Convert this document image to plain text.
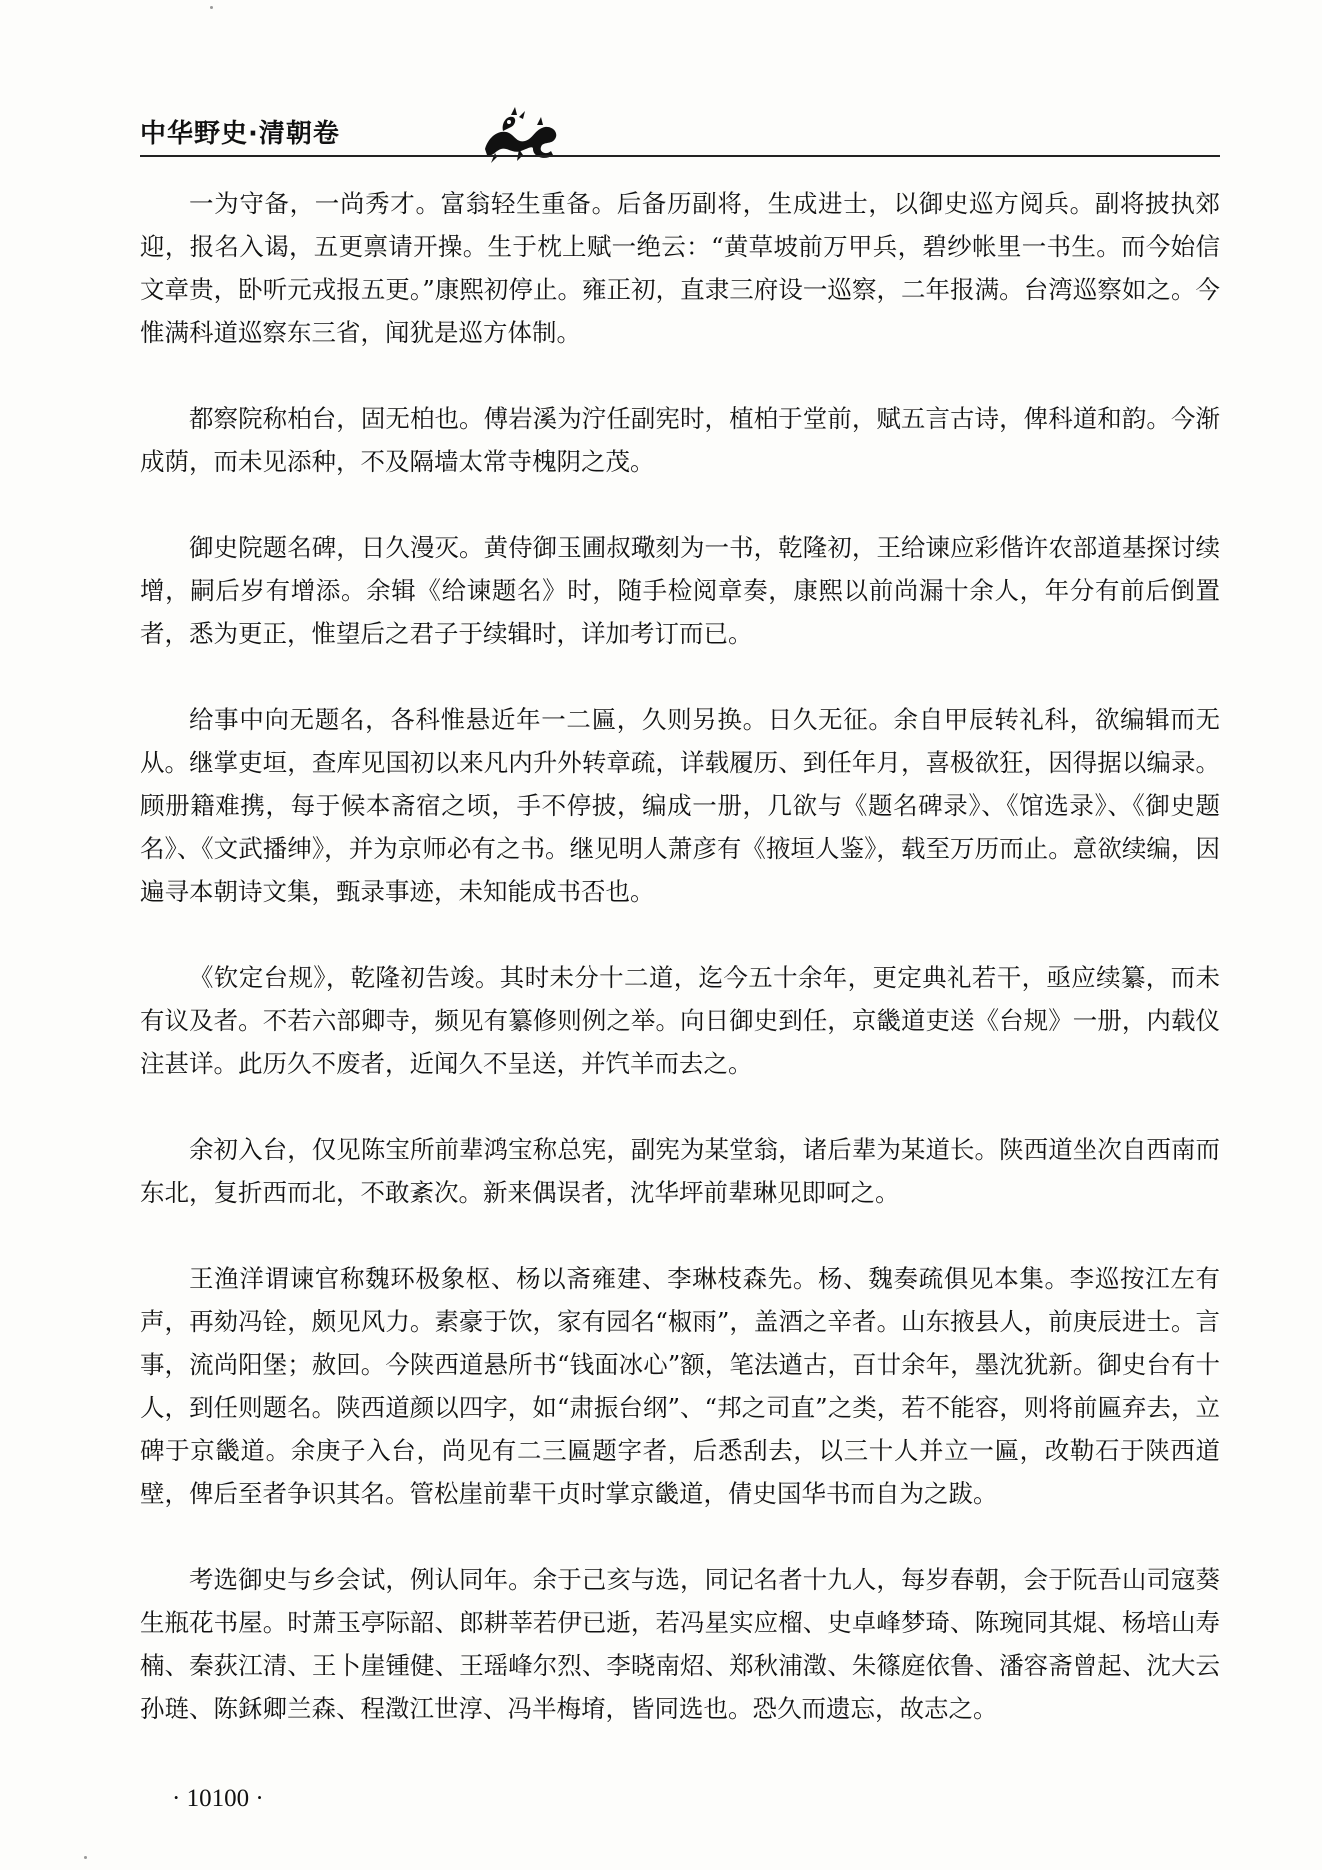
中华野史·清朝卷

一为守备，一尚秀才。富翁轻生重备。后备历副将，生成进士，以御史巡方阅兵。副将披执郊迎，报名入谒，五更禀请开操。生于枕上赋一绝云：“黄草坡前万甲兵，碧纱帐里一书生。而今始信文章贵，卧听元戎报五更。”康熙初停止。雍正初，直隶三府设一巡察，二年报满。台湾巡察如之。今惟满科道巡察东三省，闻犹是巡方体制。

都察院称柏台，固无柏也。傅岩溪为泞任副宪时，植柏于堂前，赋五言古诗，俾科道和韵。今渐成荫，而未见添种，不及隔墙太常寺槐阴之茂。

御史院题名碑，日久漫灭。黄侍御玉圃叔璥刻为一书，乾隆初，王给谏应彩偕许农部道基探讨续增，嗣后岁有增添。余辑《给谏题名》时，随手检阅章奏，康熙以前尚漏十余人，年分有前后倒置者，悉为更正，惟望后之君子于续辑时，详加考订而已。

给事中向无题名，各科惟悬近年一二匾，久则另换。日久无征。余自甲辰转礼科，欲编辑而无从。继掌吏垣，查库见国初以来凡内升外转章疏，详载履历、到任年月，喜极欲狂，因得据以编录。顾册籍难携，每于候本斋宿之顷，手不停披，编成一册，几欲与《题名碑录》、《馆选录》、《御史题名》、《文武播绅》，并为京师必有之书。继见明人萧彦有《掖垣人鉴》，载至万历而止。意欲续编，因遍寻本朝诗文集，甄录事迹，未知能成书否也。

《钦定台规》，乾隆初告竣。其时未分十二道，迄今五十余年，更定典礼若干，亟应续纂，而未有议及者。不若六部卿寺，频见有纂修则例之举。向日御史到任，京畿道吏送《台规》一册，内载仪注甚详。此历久不废者，近闻久不呈送，并饩羊而去之。

余初入台，仅见陈宝所前辈鸿宝称总宪，副宪为某堂翁，诸后辈为某道长。陕西道坐次自西南而东北，复折西而北，不敢紊次。新来偶误者，沈华坪前辈琳见即呵之。

王渔洋谓谏官称魏环极象枢、杨以斋雍建、李琳枝森先。杨、魏奏疏俱见本集。李巡按江左有声，再劾冯铨，颇见风力。素豪于饮，家有园名“椒雨”，盖酒之辛者。山东掖县人，前庚辰进士。言事，流尚阳堡；赦回。今陕西道悬所书“钱面冰心”额，笔法遒古，百廿余年，墨沈犹新。御史台有十人，到任则题名。陕西道颜以四字，如“肃振台纲”、“邦之司直”之类，若不能容，则将前匾弃去，立碑于京畿道。余庚子入台，尚见有二三匾题字者，后悉刮去，以三十人并立一匾，改勒石于陕西道壁，俾后至者争识其名。管松崖前辈干贞时掌京畿道，倩史国华书而自为之跋。

考选御史与乡会试，例认同年。余于己亥与选，同记名者十九人，每岁春朝，会于阮吾山司寇葵生瓶花书屋。时萧玉亭际韶、郎耕莘若伊已逝，若冯星实应榴、史卓峰梦琦、陈琬同其焜、杨培山寿楠、秦荻江清、王卜崖锺健、王瑶峰尔烈、李晓南炤、郑秋浦澂、朱篠庭依鲁、潘容斋曾起、沈大云孙琏、陈鉌卿兰森、程澂江世淳、冯半梅堉，皆同选也。恐久而遗忘，故志之。

· 10100 ·
